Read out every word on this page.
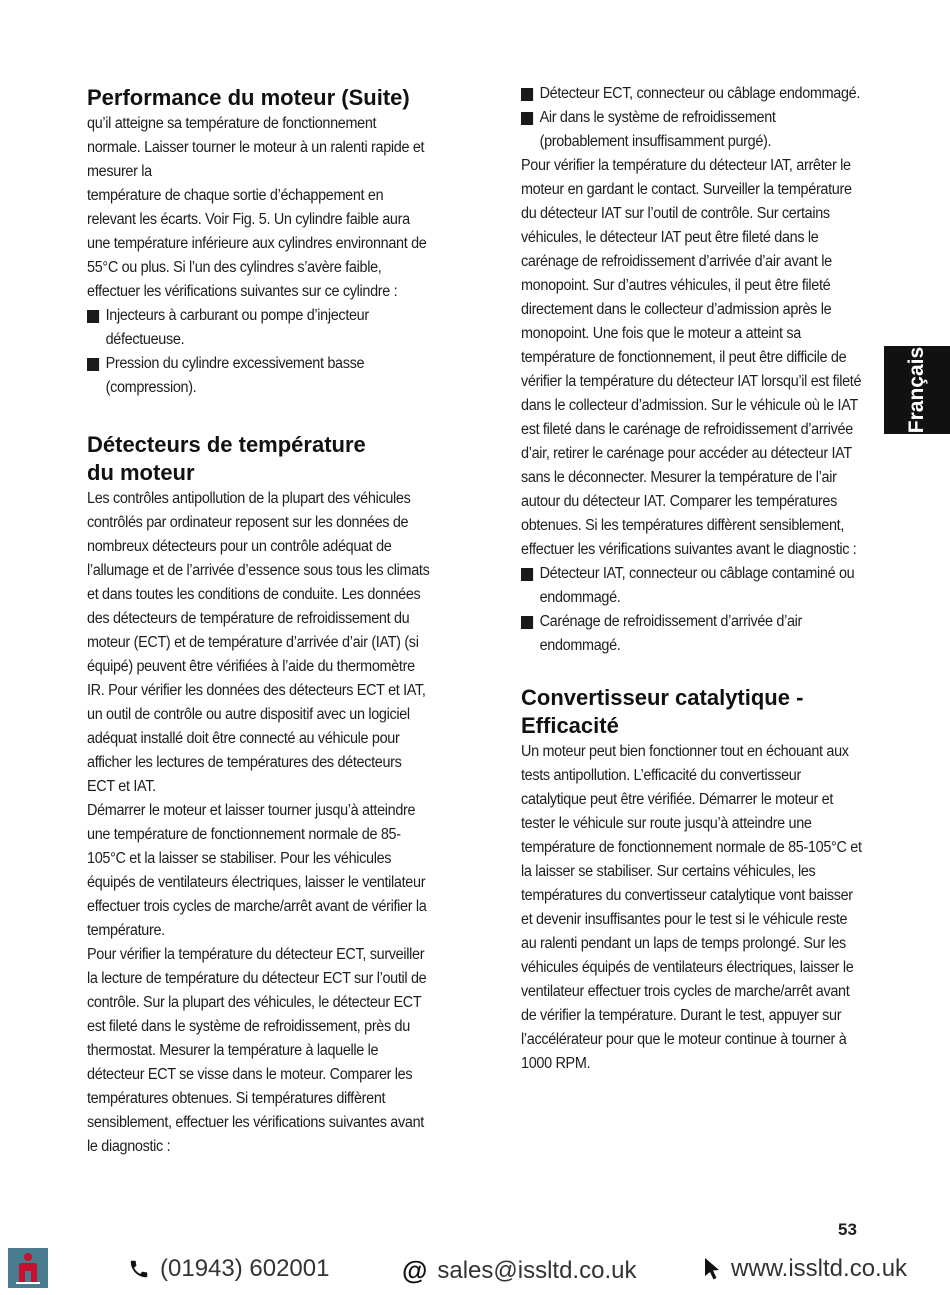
Performance du moteur (Suite)

qu’il atteigne sa température de fonctionnement normale. Laisser tourner le moteur à un ralenti rapide et mesurer la

température de chaque sortie d’échappement en relevant les écarts. Voir Fig. 5. Un cylindre faible aura une température inférieure aux cylindres environnant de 55°C ou plus. Si l’un des cylindres s’avère faible, effectuer les vérifications suivantes sur ce cylindre :

Injecteurs à carburant ou pompe d’injecteur défectueuse.
Pression du cylindre excessivement basse (compression).
Détecteurs de température
du moteur

Les contrôles antipollution de la plupart des véhicules contrôlés par ordinateur reposent sur les données de nombreux détecteurs pour un contrôle adéquat de l’allumage et de l’arrivée d’essence sous tous les climats et dans toutes les conditions de conduite. Les données des détecteurs de température de refroidissement du moteur (ECT) et de température d’arrivée d’air (IAT) (si équipé) peuvent être vérifiées à l’aide du thermomètre IR. Pour vérifier les données des détecteurs ECT et IAT, un outil de contrôle ou autre dispositif avec un logiciel adéquat installé doit être connecté au véhicule pour afficher les lectures de températures des détecteurs ECT et IAT.

Démarrer le moteur et laisser tourner jusqu’à atteindre une température de fonctionnement normale de 85-105°C et la laisser se stabiliser. Pour les véhicules équipés de ventilateurs électriques, laisser le ventilateur effectuer trois cycles de marche/arrêt avant de vérifier la température.

Pour vérifier la température du détecteur ECT, surveiller la lecture de température du détecteur ECT sur l’outil de contrôle. Sur la plupart des véhicules, le détecteur ECT est fileté dans le système de refroidissement, près du thermostat. Mesurer la température à laquelle le détecteur ECT se visse dans le moteur. Comparer les températures obtenues. Si températures diffèrent sensiblement, effectuer les vérifications suivantes avant le diagnostic :

Détecteur ECT, connecteur ou câblage endommagé.
Air dans le système de refroidissement (probablement insuffisamment purgé).

Pour vérifier la température du détecteur IAT, arrêter le moteur en gardant le contact. Surveiller la température du détecteur IAT sur l’outil de contrôle. Sur certains véhicules, le détecteur IAT peut être fileté dans le carénage de refroidissement d’arrivée d’air avant le monopoint. Sur d’autres véhicules, il peut être fileté directement dans le collecteur d’admission après le monopoint. Une fois que le moteur a atteint sa température de fonctionnement, il peut être difficile de vérifier la température du détecteur IAT lorsqu’il est fileté dans le collecteur d’admission. Sur le véhicule où le IAT est fileté dans le carénage de refroidissement d’arrivée d’air, retirer le carénage pour accéder au détecteur IAT sans le déconnecter. Mesurer la température de l’air autour du détecteur IAT. Comparer les températures obtenues. Si les températures diffèrent sensiblement, effectuer les vérifications suivantes avant le diagnostic :

Détecteur IAT, connecteur ou câblage contaminé ou endommagé.
Carénage de refroidissement d’arrivée d’air endommagé.
Convertisseur catalytique -
Efficacité

Un moteur peut bien fonctionner tout en échouant aux tests antipollution. L’efficacité du convertisseur catalytique peut être vérifiée. Démarrer le moteur et tester le véhicule sur route jusqu’à atteindre une température de fonctionnement normale de 85-105°C et la laisser se stabiliser. Sur certains véhicules, les températures du convertisseur catalytique vont baisser et devenir insuffisantes pour le test si le véhicule reste au ralenti pendant un laps de temps prolongé. Sur les véhicules équipés de ventilateurs électriques, laisser le ventilateur effectuer trois cycles de marche/arrêt avant de vérifier la température. Durant le test, appuyer sur l’accélérateur pour que le moteur continue à tourner à 1000 RPM.

Français
53
(01943) 602001	@ sales@issltd.co.uk	www.issltd.co.uk
